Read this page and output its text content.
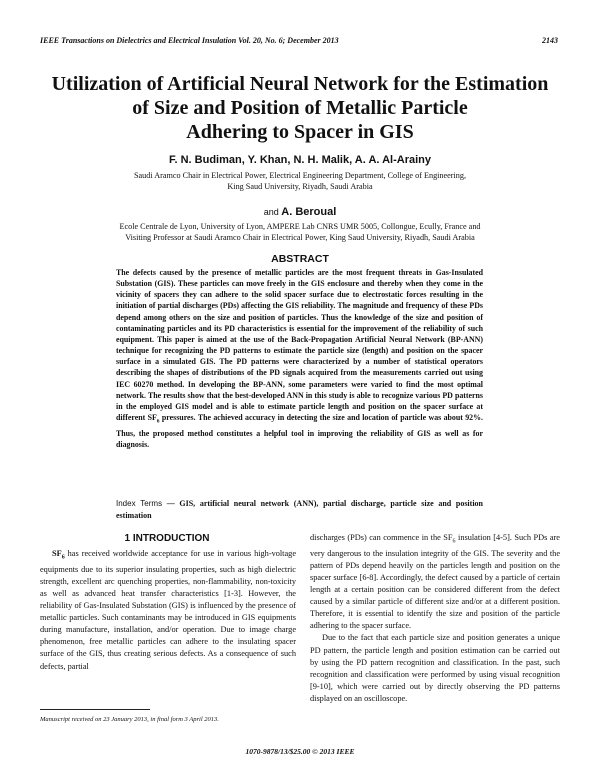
IEEE Transactions on Dielectrics and Electrical Insulation Vol. 20, No. 6; December 2013	2143
Utilization of Artificial Neural Network for the Estimation
of Size and Position of Metallic Particle
Adhering to Spacer in GIS
F. N. Budiman, Y. Khan, N. H. Malik, A. A. Al-Arainy
Saudi Aramco Chair in Electrical Power, Electrical Engineering Department, College of Engineering,
King Saud University, Riyadh, Saudi Arabia
and A. Beroual
Ecole Centrale de Lyon, University of Lyon, AMPERE Lab CNRS UMR 5005, Collongue, Ecully, France and
Visiting Professor at Saudi Aramco Chair in Electrical Power, King Saud University, Riyadh, Saudi Arabia
ABSTRACT

The defects caused by the presence of metallic particles are the most frequent threats in Gas-Insulated Substation (GIS). These particles can move freely in the GIS enclosure and thereby when they come in the vicinity of spacers they can adhere to the solid spacer surface due to electrostatic forces resulting in the initiation of partial discharges (PDs) affecting the GIS reliability. The magnitude and frequency of these PDs depend among others on the size and position of particles. Thus the knowledge of the size and position of contaminating particles and its PD characteristics is essential for the improvement of the reliability of such equipment. This paper is aimed at the use of the Back-Propagation Artificial Neural Network (BP-ANN) technique for recognizing the PD patterns to estimate the particle size (length) and position on the spacer surface in a simulated GIS. The PD patterns were characterized by a number of statistical operators describing the shapes of distributions of the PD signals acquired from the measurements carried out using IEC 60270 method. In developing the BP-ANN, some parameters were varied to find the most optimal network. The results show that the best-developed ANN in this study is able to recognize various PD patterns in the employed GIS model and is able to estimate particle length and position on the spacer surface at different $SF_6$ pressures. The achieved accuracy in detecting the size and location of particle was about 92%. Thus, the proposed method constitutes a helpful tool in improving the reliability of GIS as well as for diagnosis.

Index Terms — GIS, artificial neural network (ANN), partial discharge, particle size and position estimation

1 INTRODUCTION

$SF_6$ has received worldwide acceptance for use in various high-voltage equipments due to its superior insulating properties, such as high dielectric strength, excellent arc quenching properties, non-flammability, non-toxicity as well as advanced heat transfer characteristics [1-3]. However, the reliability of Gas-Insulated Substation (GIS) is influenced by the presence of metallic particles. Such contaminants may be introduced in GIS equipments during manufacture, installation, and/or operation. Due to image charge phenomenon, free metallic particles can adhere to the insulating spacer surface of the GIS, thus creating serious defects. As a consequence of such defects, partial

discharges (PDs) can commence in the $SF_6$ insulation [4-5]. Such PDs are very dangerous to the insulation integrity of the GIS. The severity and the pattern of PDs depend heavily on the particles length and position on the spacer surface [6-8]. Accordingly, the defect caused by a particle of certain length at a certain position can be considered different from the defect caused by a similar particle of different size and/or at a different position. Therefore, it is essential to identify the size and position of the particle adhering to the spacer surface.

Due to the fact that each particle size and position generates a unique PD pattern, the particle length and position estimation can be carried out by using the PD pattern recognition and classification. In the past, such recognition and classification were performed by using visual recognition [9-10], which were carried out by directly observing the PD patterns displayed on an oscilloscope.

Manuscript received on 23 January 2013, in final form 3 April 2013.
1070-9878/13/$25.00 © 2013 IEEE
